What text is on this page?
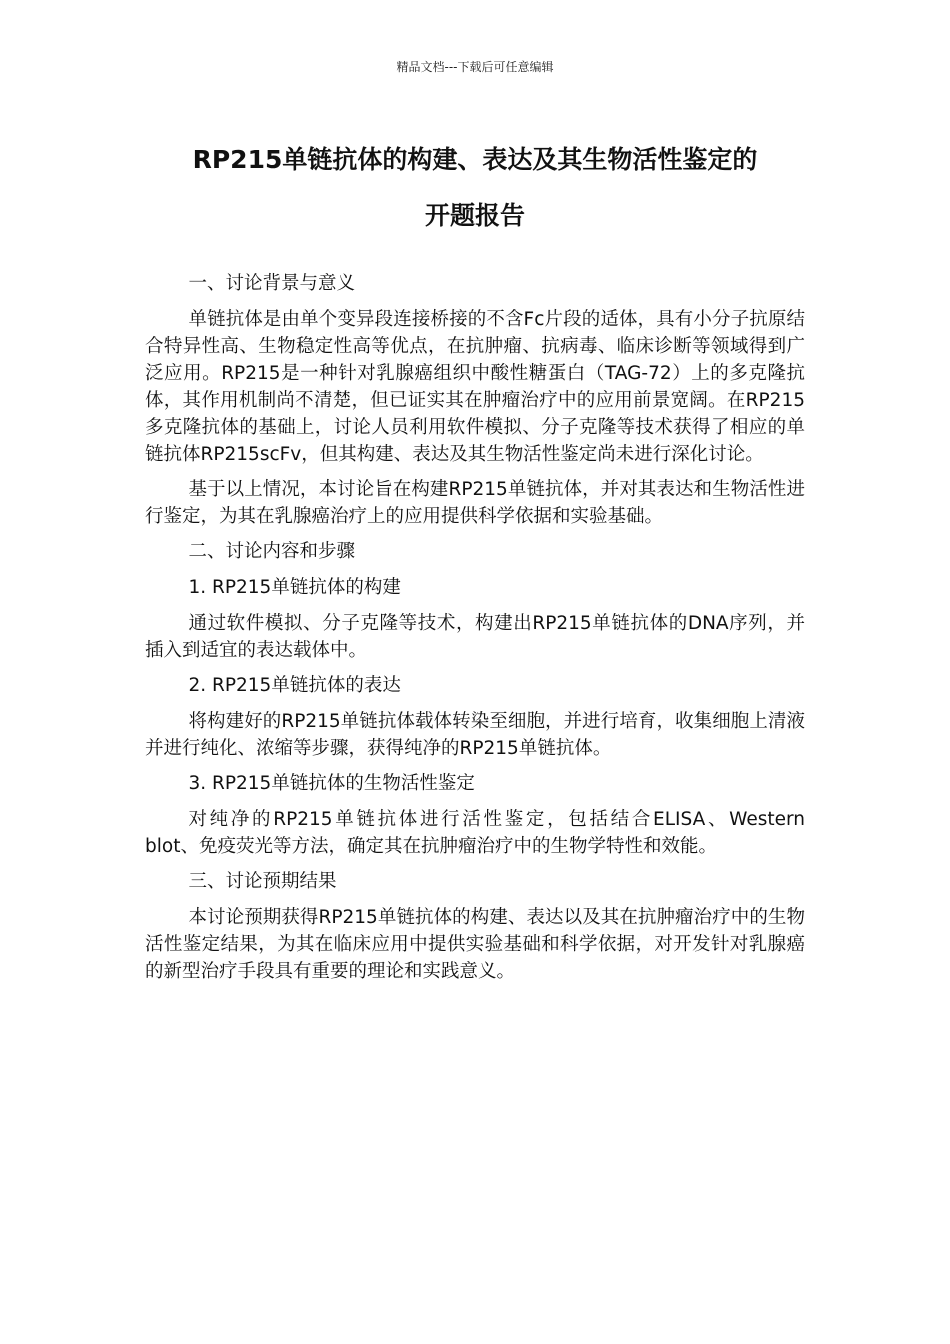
精品文档---下载后可任意编辑
RP215单链抗体的构建、表达及其生物活性鉴定的
开题报告

一、讨论背景与意义

单链抗体是由单个变异段连接桥接的不含Fc片段的适体，具有小分子抗原结合特异性高、生物稳定性高等优点，在抗肿瘤、抗病毒、临床诊断等领域得到广泛应用。RP215是一种针对乳腺癌组织中酸性糖蛋白（TAG-72）上的多克隆抗体，其作用机制尚不清楚，但已证实其在肿瘤治疗中的应用前景宽阔。在RP215多克隆抗体的基础上，讨论人员利用软件模拟、分子克隆等技术获得了相应的单链抗体RP215scFv，但其构建、表达及其生物活性鉴定尚未进行深化讨论。

基于以上情况，本讨论旨在构建RP215单链抗体，并对其表达和生物活性进行鉴定，为其在乳腺癌治疗上的应用提供科学依据和实验基础。

二、讨论内容和步骤

1. RP215单链抗体的构建

通过软件模拟、分子克隆等技术，构建出RP215单链抗体的DNA序列，并插入到适宜的表达载体中。

2. RP215单链抗体的表达

将构建好的RP215单链抗体载体转染至细胞，并进行培育，收集细胞上清液并进行纯化、浓缩等步骤，获得纯净的RP215单链抗体。

3. RP215单链抗体的生物活性鉴定

对纯净的RP215单链抗体进行活性鉴定，包括结合ELISA、Western blot、免疫荧光等方法，确定其在抗肿瘤治疗中的生物学特性和效能。

三、讨论预期结果

本讨论预期获得RP215单链抗体的构建、表达以及其在抗肿瘤治疗中的生物活性鉴定结果，为其在临床应用中提供实验基础和科学依据，对开发针对乳腺癌的新型治疗手段具有重要的理论和实践意义。
